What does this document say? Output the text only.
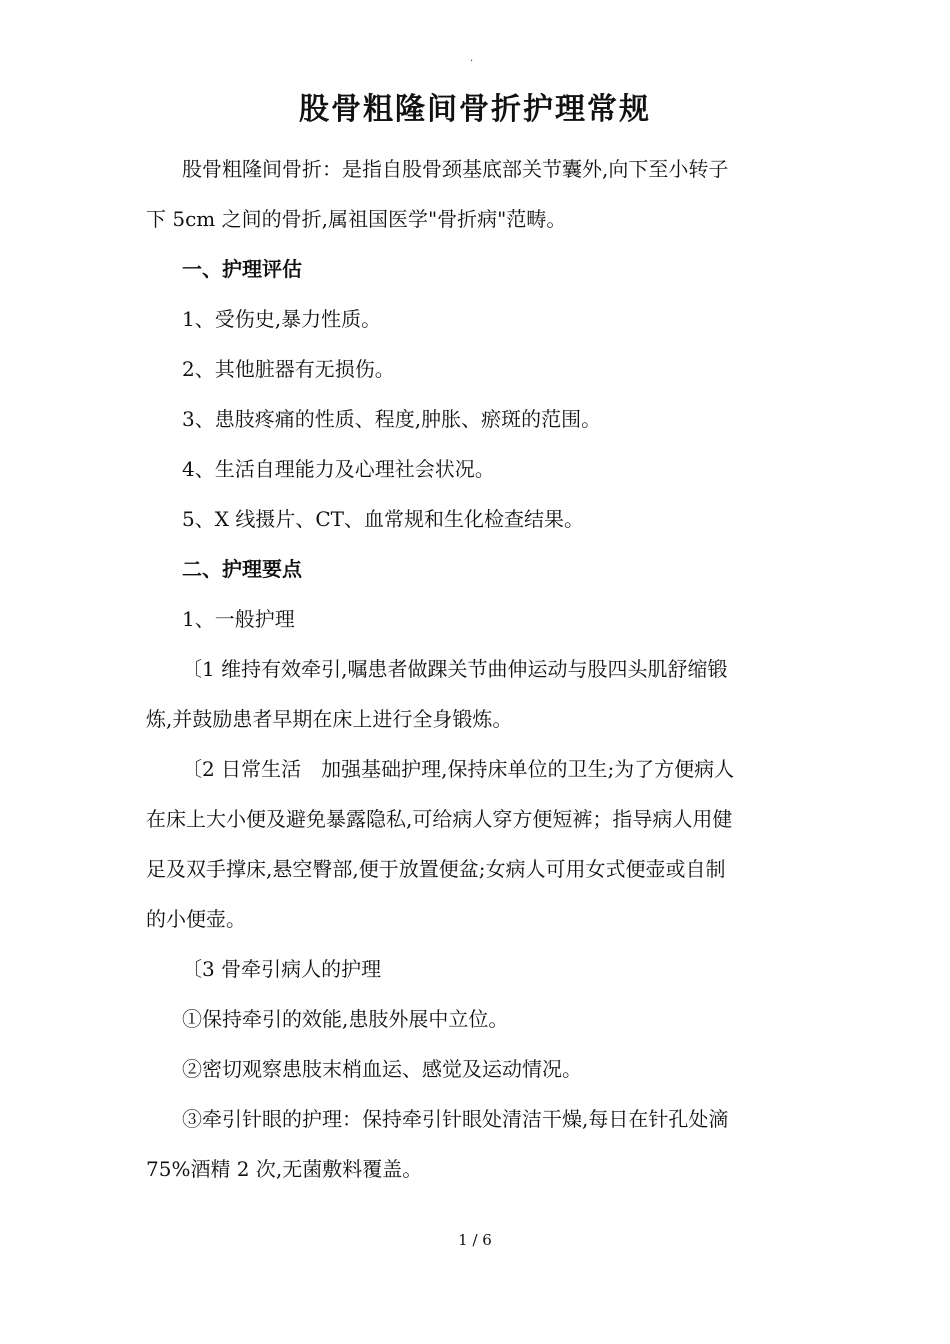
·
股骨粗隆间骨折护理常规
股骨粗隆间骨折：是指自股骨颈基底部关节囊外,向下至小转子
下 5cm 之间的骨折,属祖国医学"骨折病"范畴。
一、护理评估
1、受伤史,暴力性质。
2、其他脏器有无损伤。
3、患肢疼痛的性质、程度,肿胀、瘀斑的范围。
4、生活自理能力及心理社会状况。
5、X 线摄片、CT、血常规和生化检查结果。
二、护理要点
1、一般护理
〔1 维持有效牵引,嘱患者做踝关节曲伸运动与股四头肌舒缩锻
炼,并鼓励患者早期在床上进行全身锻炼。
〔2 日常生活　加强基础护理,保持床单位的卫生;为了方便病人
在床上大小便及避免暴露隐私,可给病人穿方便短裤；指导病人用健
足及双手撑床,悬空臀部,便于放置便盆;女病人可用女式便壶或自制
的小便壶。
〔3 骨牵引病人的护理
①保持牵引的效能,患肢外展中立位。
②密切观察患肢末梢血运、感觉及运动情况。
③牵引针眼的护理：保持牵引针眼处清洁干燥,每日在针孔处滴
75%酒精 2 次,无菌敷料覆盖。
1 / 6
